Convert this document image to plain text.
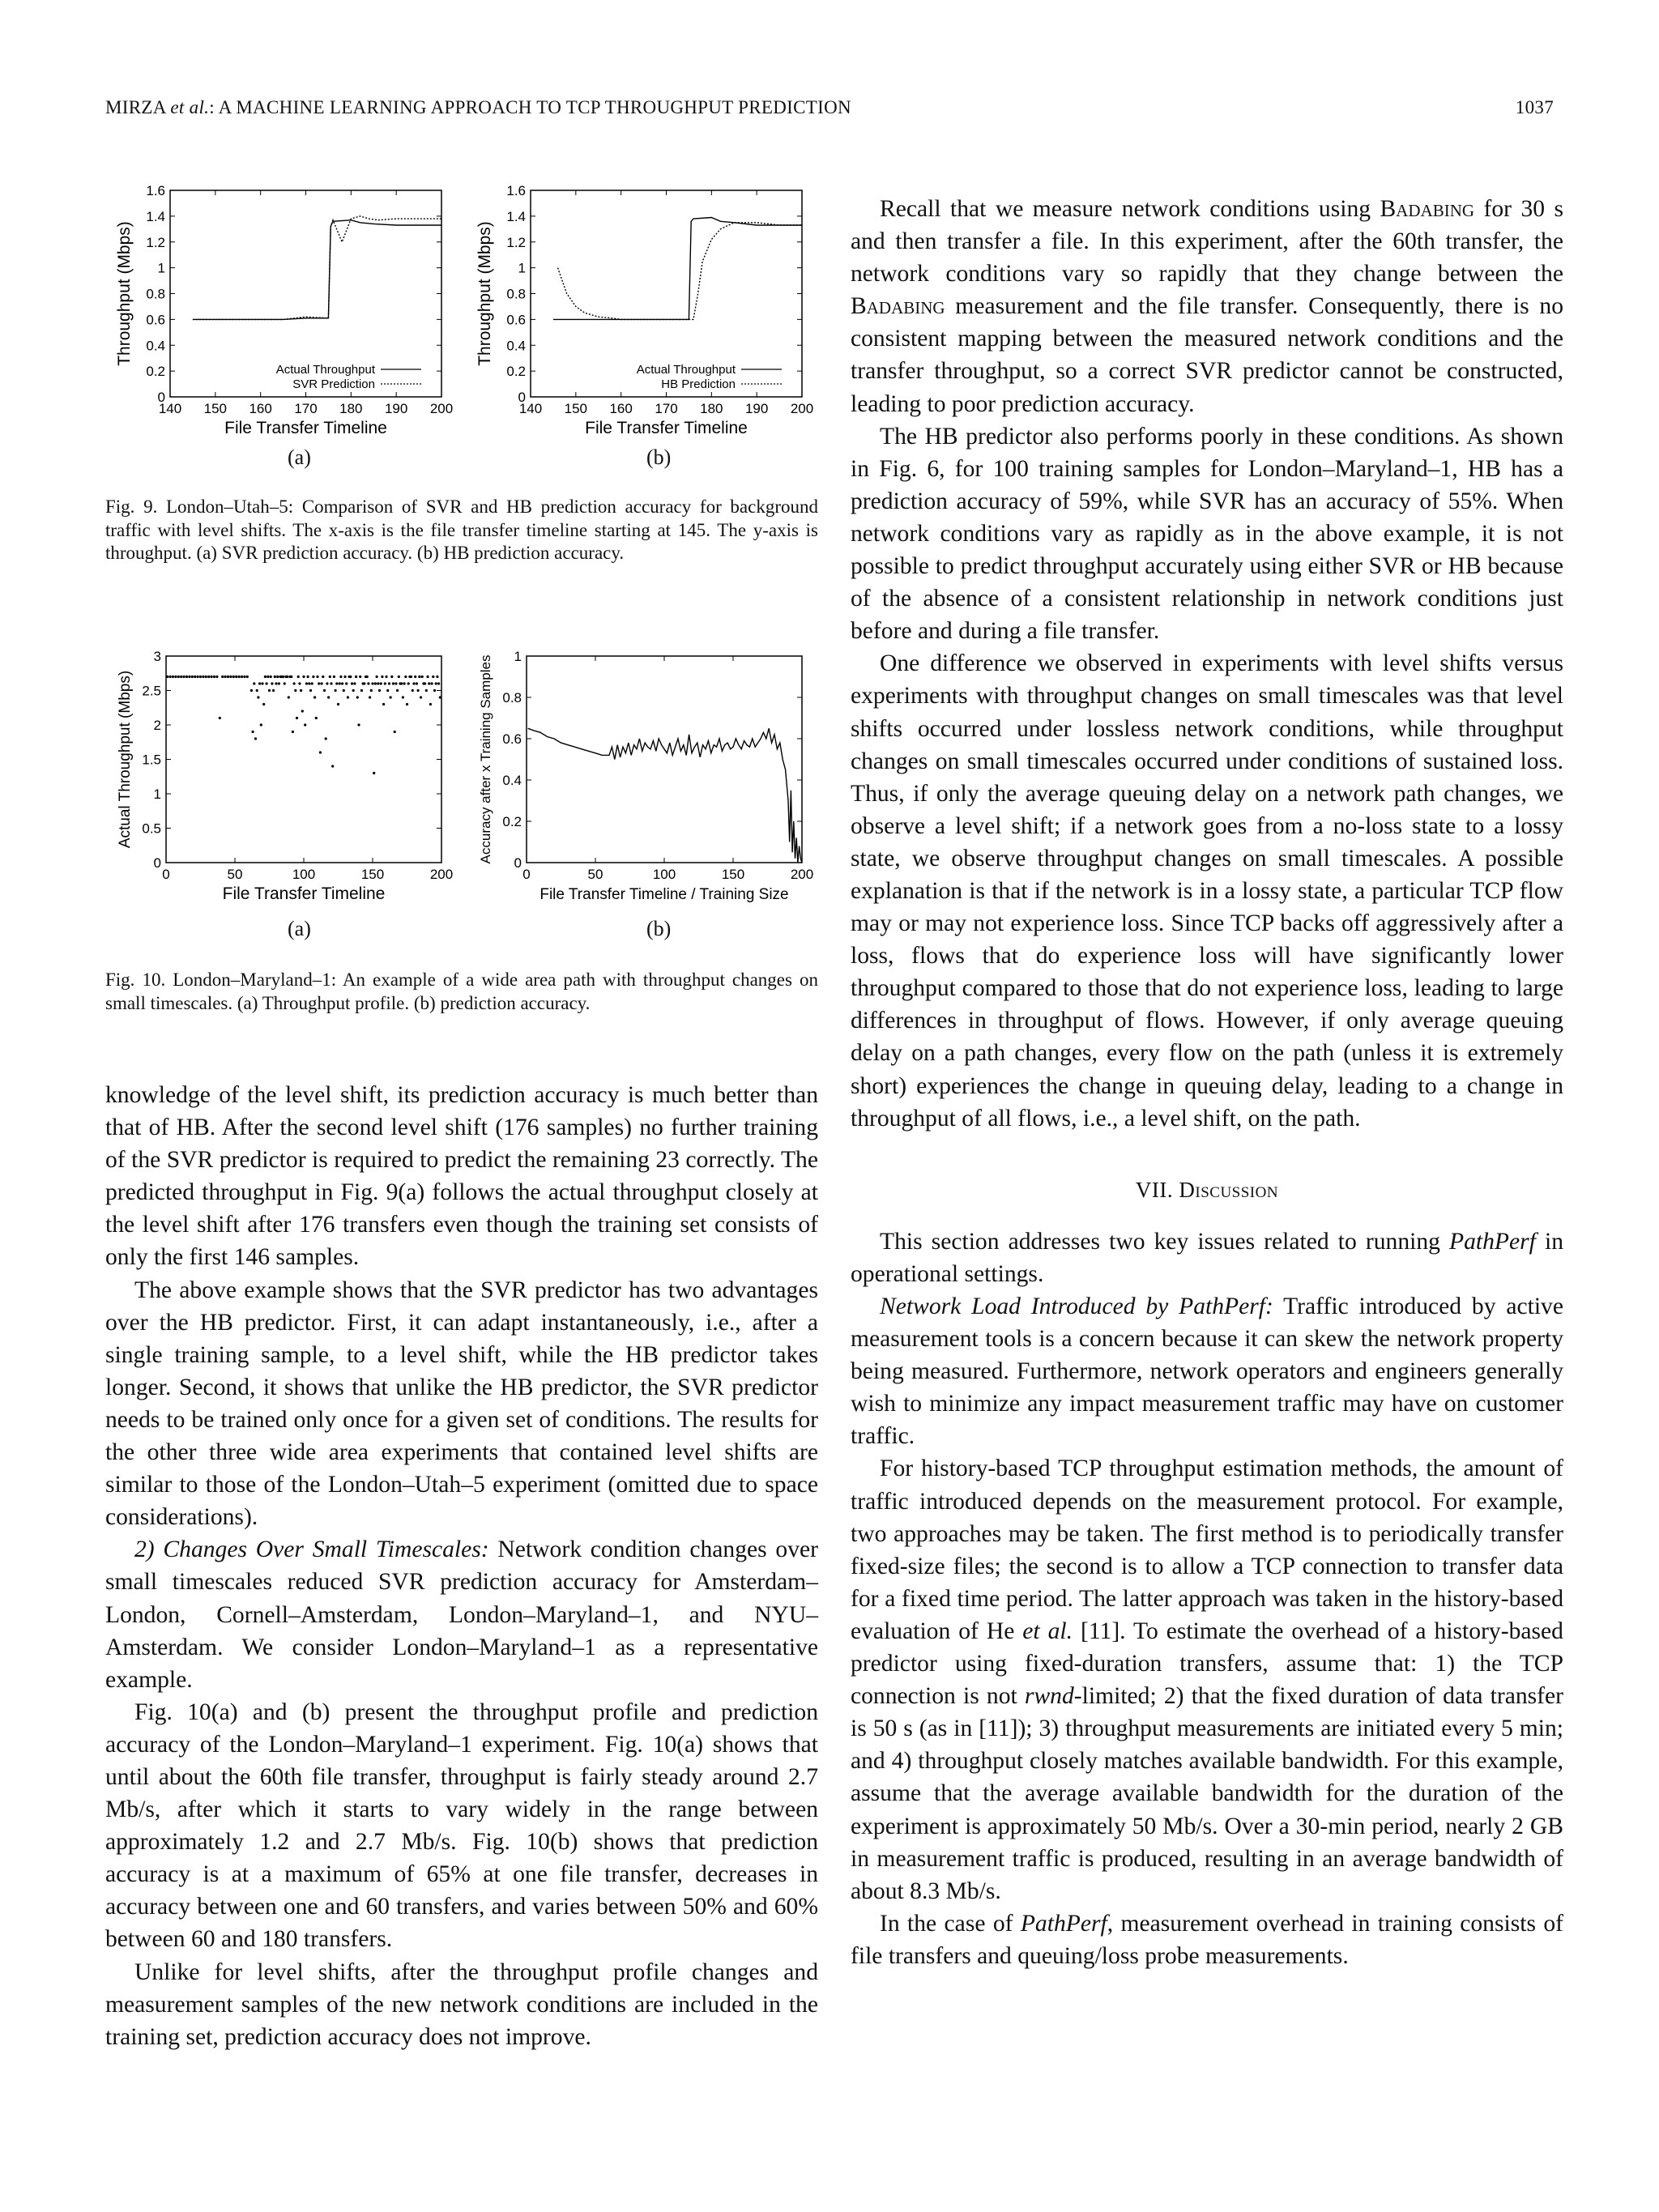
MIRZA et al.: A MACHINE LEARNING APPROACH TO TCP THROUGHPUT PREDICTION	1037
0
0.2
0.4
0.6
0.8
1
1.2
1.4
1.6
140 150 160 170 180 190 200
File Transfer Timeline
Throughput (Mbps)
Actual Throughput
SVR Prediction
0
0.2
0.4
0.6
0.8
1
1.2
1.4
1.6
140 150 160 170 180 190 200
File Transfer Timeline
Throughput (Mbps)
Actual Throughput
HB Prediction
(a)	(b)
Fig. 9. London–Utah–5: Comparison of SVR and HB prediction accuracy for background traffic with level shifts. The x-axis is the file transfer timeline starting at 145. The y-axis is throughput. (a) SVR prediction accuracy. (b) HB prediction accuracy.
0
0.5
1
1.5
2
2.5
3
0	50	100	150	200
File Transfer Timeline
Actual Throughput (Mbps)
0
0.2
0.4
0.6
0.8
1
0	50	100	150	200
File Transfer Timeline / Training Size
Accuracy after x Training Samples
(a)	(b)
Fig. 10. London–Maryland–1: An example of a wide area path with throughput changes on small timescales. (a) Throughput profile. (b) prediction accuracy.

knowledge of the level shift, its prediction accuracy is much better than that of HB. After the second level shift (176 samples) no further training of the SVR predictor is required to predict the remaining 23 correctly. The predicted throughput in Fig. 9(a) follows the actual throughput closely at the level shift after 176 transfers even though the training set consists of only the first 146 samples.

The above example shows that the SVR predictor has two advantages over the HB predictor. First, it can adapt instantaneously, i.e., after a single training sample, to a level shift, while the HB predictor takes longer. Second, it shows that unlike the HB predictor, the SVR predictor needs to be trained only once for a given set of conditions. The results for the other three wide area experiments that contained level shifts are similar to those of the London–Utah–5 experiment (omitted due to space considerations).

2) Changes Over Small Timescales: Network condition changes over small timescales reduced SVR prediction accuracy for Amsterdam–London, Cornell–Amsterdam, London–Maryland–1, and NYU–Amsterdam. We consider London–Maryland–1 as a representative example.

Fig. 10(a) and (b) present the throughput profile and prediction accuracy of the London–Maryland–1 experiment. Fig. 10(a) shows that until about the 60th file transfer, throughput is fairly steady around 2.7 Mb/s, after which it starts to vary widely in the range between approximately 1.2 and 2.7 Mb/s. Fig. 10(b) shows that prediction accuracy is at a maximum of 65% at one file transfer, decreases in accuracy between one and 60 transfers, and varies between 50% and 60% between 60 and 180 transfers.

Unlike for level shifts, after the throughput profile changes and measurement samples of the new network conditions are included in the training set, prediction accuracy does not improve.

Recall that we measure network conditions using Badabing for 30 s and then transfer a file. In this experiment, after the 60th transfer, the network conditions vary so rapidly that they change between the Badabing measurement and the file transfer. Consequently, there is no consistent mapping between the measured network conditions and the transfer throughput, so a correct SVR predictor cannot be constructed, leading to poor prediction accuracy.

The HB predictor also performs poorly in these conditions. As shown in Fig. 6, for 100 training samples for London–Maryland–1, HB has a prediction accuracy of 59%, while SVR has an accuracy of 55%. When network conditions vary as rapidly as in the above example, it is not possible to predict throughput accurately using either SVR or HB because of the absence of a consistent relationship in network conditions just before and during a file transfer.

One difference we observed in experiments with level shifts versus experiments with throughput changes on small timescales was that level shifts occurred under lossless network conditions, while throughput changes on small timescales occurred under conditions of sustained loss. Thus, if only the average queuing delay on a network path changes, we observe a level shift; if a network goes from a no-loss state to a lossy state, we observe throughput changes on small timescales. A possible explanation is that if the network is in a lossy state, a particular TCP flow may or may not experience loss. Since TCP backs off aggressively after a loss, flows that do experience loss will have significantly lower throughput compared to those that do not experience loss, leading to large differences in throughput of flows. However, if only average queuing delay on a path changes, every flow on the path (unless it is extremely short) experiences the change in queuing delay, leading to a change in throughput of all flows, i.e., a level shift, on the path.

VII. Discussion

This section addresses two key issues related to running PathPerf in operational settings.

Network Load Introduced by PathPerf: Traffic introduced by active measurement tools is a concern because it can skew the network property being measured. Furthermore, network operators and engineers generally wish to minimize any impact measurement traffic may have on customer traffic.

For history-based TCP throughput estimation methods, the amount of traffic introduced depends on the measurement protocol. For example, two approaches may be taken. The first method is to periodically transfer fixed-size files; the second is to allow a TCP connection to transfer data for a fixed time period. The latter approach was taken in the history-based evaluation of He et al. [11]. To estimate the overhead of a history-based predictor using fixed-duration transfers, assume that: 1) the TCP connection is not rwnd-limited; 2) that the fixed duration of data transfer is 50 s (as in [11]); 3) throughput measurements are initiated every 5 min; and 4) throughput closely matches available bandwidth. For this example, assume that the average available bandwidth for the duration of the experiment is approximately 50 Mb/s. Over a 30-min period, nearly 2 GB in measurement traffic is produced, resulting in an average bandwidth of about 8.3 Mb/s.

In the case of PathPerf, measurement overhead in training consists of file transfers and queuing/loss probe measurements.
